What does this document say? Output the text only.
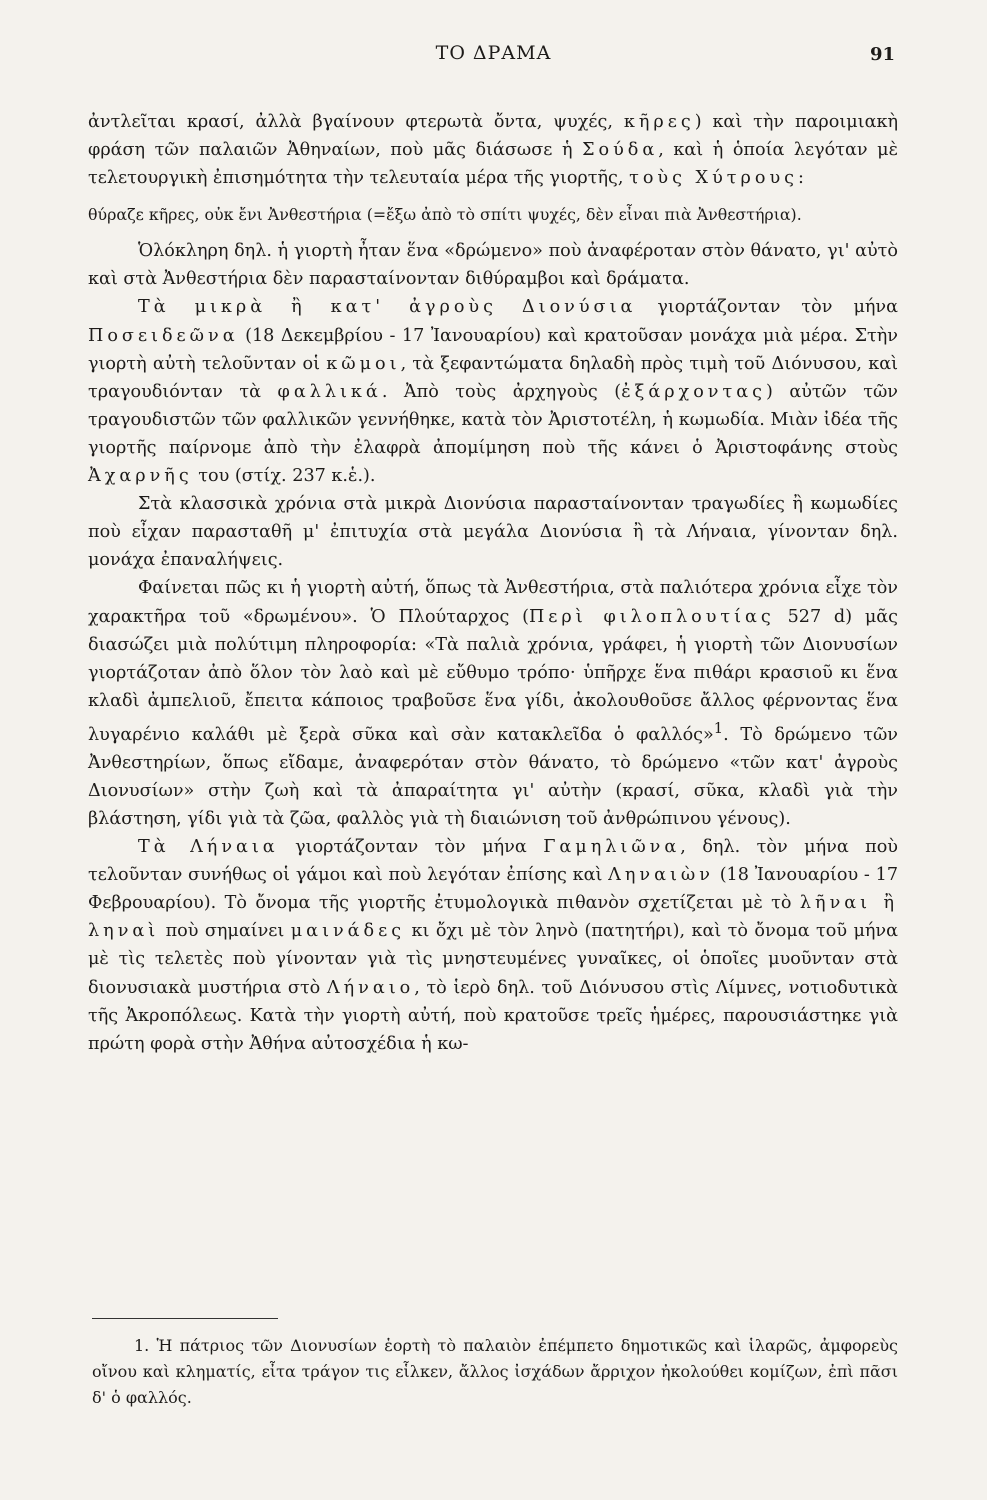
ΤΟ ΔΡΑΜΑ	91

ἀντλεῖται κρασί, ἀλλὰ βγαίνουν φτερωτὰ ὄντα, ψυχές, κῆρες) καὶ τὴν παροιμιακὴ φράση τῶν παλαιῶν Ἀθηναίων, ποὺ μᾶς διάσωσε ἡ Σούδα, καὶ ἡ ὁποία λεγόταν μὲ τελετουργικὴ ἐπισημότητα τὴν τελευταία μέρα τῆς γιορτῆς, τοὺς Χύτρους:

θύραζε κῆρες, οὐκ ἔνι Ἀνθεστήρια (=ἔξω ἀπὸ τὸ σπίτι ψυχές, δὲν εἶναι πιὰ Ἀνθεστήρια).

Ὁλόκληρη δηλ. ἡ γιορτὴ ἦταν ἕνα «δρώμενο» ποὺ ἀναφέροταν στὸν θάνατο, γι' αὐτὸ καὶ στὰ Ἀνθεστήρια δὲν παρασταίνονταν διθύραμβοι καὶ δράματα.

Τὰ μικρὰ ἢ κατ' ἀγροὺς Διονύσια γιορτάζονταν τὸν μήνα Ποσειδεῶνα (18 Δεκεμβρίου - 17 Ἰανουαρίου) καὶ κρατοῦσαν μονάχα μιὰ μέρα. Στὴν γιορτὴ αὐτὴ τελοῦνταν οἱ κῶμοι, τὰ ξεφαντώματα δηλαδὴ πρὸς τιμὴ τοῦ Διόνυσου, καὶ τραγουδιόνταν τὰ φαλλικά. Ἀπὸ τοὺς ἀρχηγοὺς (ἐξάρχοντας) αὐτῶν τῶν τραγουδιστῶν τῶν φαλλικῶν γεννήθηκε, κατὰ τὸν Ἀριστοτέλη, ἡ κωμωδία. Μιὰν ἰδέα τῆς γιορτῆς παίρνομε ἀπὸ τὴν ἐλαφρὰ ἀπομίμηση ποὺ τῆς κάνει ὁ Ἀριστοφάνης στοὺς Ἀχαρνῆς του (στίχ. 237 κ.ἑ.).

Στὰ κλασσικὰ χρόνια στὰ μικρὰ Διονύσια παρασταίνονταν τραγωδίες ἢ κωμωδίες ποὺ εἶχαν παρασταθῆ μ' ἐπιτυχία στὰ μεγάλα Διονύσια ἢ τὰ Λήναια, γίνονταν δηλ. μονάχα ἐπαναλήψεις.

Φαίνεται πῶς κι ἡ γιορτὴ αὐτή, ὅπως τὰ Ἀνθεστήρια, στὰ παλιότερα χρόνια εἶχε τὸν χαρακτῆρα τοῦ «δρωμένου». Ὁ Πλούταρχος (Περὶ φιλοπλουτίας 527 d) μᾶς διασώζει μιὰ πολύτιμη πληροφορία: «Τὰ παλιὰ χρόνια, γράφει, ἡ γιορτὴ τῶν Διονυσίων γιορτάζοταν ἀπὸ ὅλον τὸν λαὸ καὶ μὲ εὔθυμο τρόπο· ὑπῆρχε ἕνα πιθάρι κρασιοῦ κι ἕνα κλαδὶ ἀμπελιοῦ, ἔπειτα κάποιος τραβοῦσε ἕνα γίδι, ἀκολουθοῦσε ἄλλος φέρνοντας ἕνα λυγαρένιο καλάθι μὲ ξερὰ σῦκα καὶ σὰν κατακλεῖδα ὁ φαλλός»$^1$. Τὸ δρώμενο τῶν Ἀνθεστηρίων, ὅπως εἴδαμε, ἀναφερόταν στὸν θάνατο, τὸ δρώμενο «τῶν κατ' ἀγροὺς Διονυσίων» στὴν ζωὴ καὶ τὰ ἀπαραίτητα γι' αὐτὴν (κρασί, σῦκα, κλαδὶ γιὰ τὴν βλάστηση, γίδι γιὰ τὰ ζῶα, φαλλὸς γιὰ τὴ διαιώνιση τοῦ ἀνθρώπινου γένους).

Τὰ Λήναια γιορτάζονταν τὸν μήνα Γαμηλιῶνα, δηλ. τὸν μήνα ποὺ τελοῦνταν συνήθως οἱ γάμοι καὶ ποὺ λεγόταν ἐπίσης καὶ Ληναιὼν (18 Ἰανουαρίου - 17 Φεβρουαρίου). Τὸ ὄνομα τῆς γιορτῆς ἐτυμολογικὰ πιθανὸν σχετίζεται μὲ τὸ λῆναι ἢ ληναὶ ποὺ σημαίνει μαινάδες κι ὄχι μὲ τὸν ληνὸ (πατητήρι), καὶ τὸ ὄνομα τοῦ μήνα μὲ τὶς τελετὲς ποὺ γίνονταν γιὰ τὶς μνηστευμένες γυναῖκες, οἱ ὁποῖες μυοῦνταν στὰ διονυσιακὰ μυστήρια στὸ Λήναιο, τὸ ἱερὸ δηλ. τοῦ Διόνυσου στὶς Λίμνες, νοτιοδυτικὰ τῆς Ἀκροπόλεως. Κατὰ τὴν γιορτὴ αὐτή, ποὺ κρατοῦσε τρεῖς ἡμέρες, παρουσιάστηκε γιὰ πρώτη φορὰ στὴν Ἀθήνα αὐτοσχέδια ἡ κω-

1. Ἡ πάτριος τῶν Διονυσίων ἑορτὴ τὸ παλαιὸν ἐπέμπετο δημοτικῶς καὶ ἱλαρῶς, ἀμφορεὺς οἴνου καὶ κληματίς, εἶτα τράγον τις εἷλκεν, ἄλλος ἰσχάδων ἄρριχον ἠκολούθει κομίζων, ἐπὶ πᾶσι δ' ὁ φαλλός.
